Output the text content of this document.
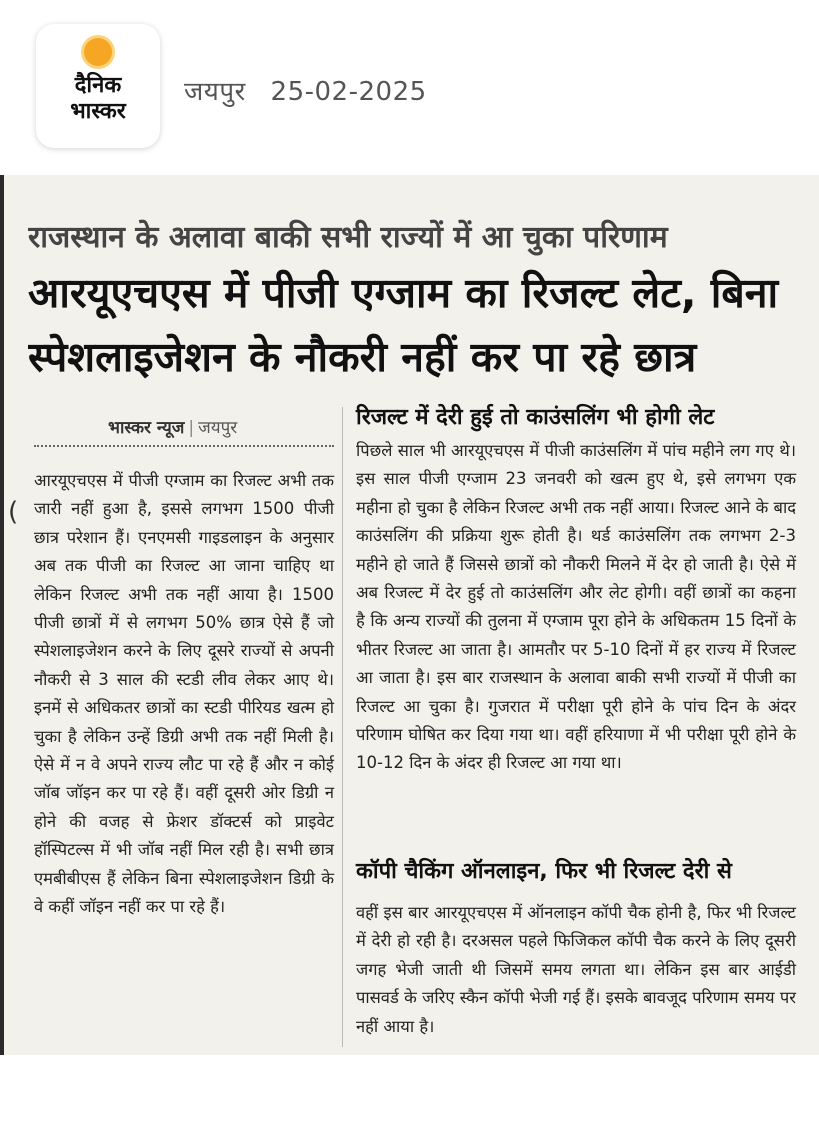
दैनिक
भास्कर
जयपुर 25-02-2025
(
राजस्थान के अलावा बाकी सभी राज्यों में आ चुका परिणाम
आरयूएचएस में पीजी एग्जाम का रिजल्ट लेट, बिना
स्पेशलाइजेशन के नौकरी नहीं कर पा रहे छात्र
भास्कर न्यूज | जयपुर
आरयूएचएस में पीजी एग्जाम का रिजल्ट अभी तक जारी नहीं हुआ है, इससे लगभग 1500 पीजी छात्र परेशान हैं। एनएमसी गाइडलाइन के अनुसार अब तक पीजी का रिजल्ट आ जाना चाहिए था लेकिन रिजल्ट अभी तक नहीं आया है। 1500 पीजी छात्रों में से लगभग 50% छात्र ऐसे हैं जो स्पेशलाइजेशन करने के लिए दूसरे राज्यों से अपनी नौकरी से 3 साल की स्टडी लीव लेकर आए थे। इनमें से अधिकतर छात्रों का स्टडी पीरियड खत्म हो चुका है लेकिन उन्हें डिग्री अभी तक नहीं मिली है। ऐसे में न वे अपने राज्य लौट पा रहे हैं और न कोई जॉब जॉइन कर पा रहे हैं। वहीं दूसरी ओर डिग्री न होने की वजह से फ्रेशर डॉक्टर्स को प्राइवेट हॉस्पिटल्स में भी जॉब नहीं मिल रही है। सभी छात्र एमबीबीएस हैं लेकिन बिना स्पेशलाइजेशन डिग्री के वे कहीं जॉइन नहीं कर पा रहे हैं।
रिजल्ट में देरी हुई तो काउंसलिंग भी होगी लेट
पिछले साल भी आरयूएचएस में पीजी काउंसलिंग में पांच महीने लग गए थे। इस साल पीजी एग्जाम 23 जनवरी को खत्म हुए थे, इसे लगभग एक महीना हो चुका है लेकिन रिजल्ट अभी तक नहीं आया। रिजल्ट आने के बाद काउंसलिंग की प्रक्रिया शुरू होती है। थर्ड काउंसलिंग तक लगभग 2-3 महीने हो जाते हैं जिससे छात्रों को नौकरी मिलने में देर हो जाती है। ऐसे में अब रिजल्ट में देर हुई तो काउंसलिंग और लेट होगी। वहीं छात्रों का कहना है कि अन्य राज्यों की तुलना में एग्जाम पूरा होने के अधिकतम 15 दिनों के भीतर रिजल्ट आ जाता है। आमतौर पर 5-10 दिनों में हर राज्य में रिजल्ट आ जाता है। इस बार राजस्थान के अलावा बाकी सभी राज्यों में पीजी का रिजल्ट आ चुका है। गुजरात में परीक्षा पूरी होने के पांच दिन के अंदर परिणाम घोषित कर दिया गया था। वहीं हरियाणा में भी परीक्षा पूरी होने के 10-12 दिन के अंदर ही रिजल्ट आ गया था।
कॉपी चैकिंग ऑनलाइन, फिर भी रिजल्ट देरी से
वहीं इस बार आरयूएचएस में ऑनलाइन कॉपी चैक होनी है, फिर भी रिजल्ट में देरी हो रही है। दरअसल पहले फिजिकल कॉपी चैक करने के लिए दूसरी जगह भेजी जाती थी जिसमें समय लगता था। लेकिन इस बार आईडी पासवर्ड के जरिए स्कैन कॉपी भेजी गई हैं। इसके बावजूद परिणाम समय पर नहीं आया है।
